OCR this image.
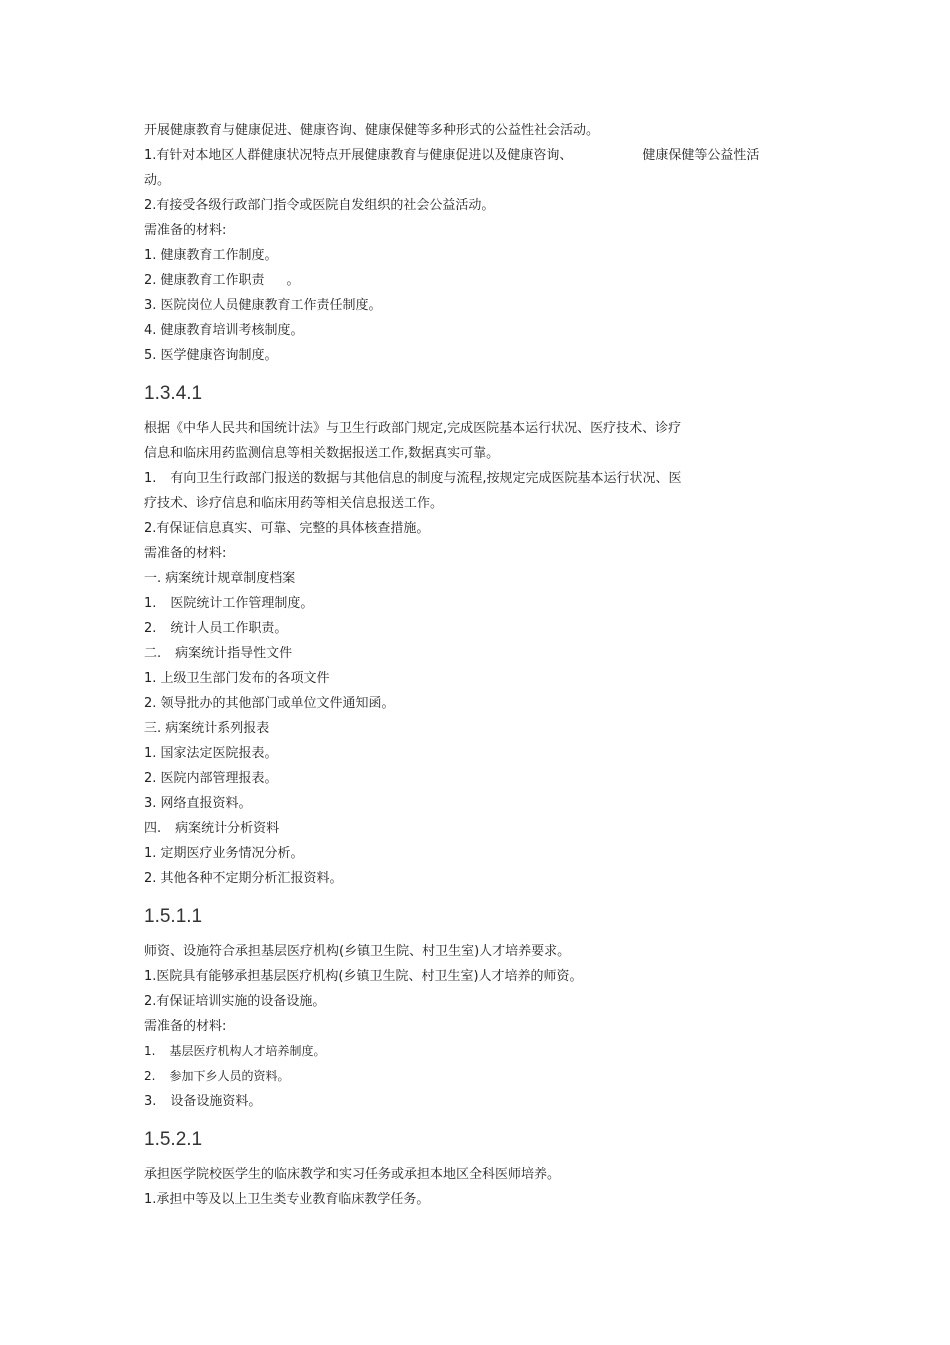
开展健康教育与健康促进、健康咨询、健康保健等多种形式的公益性社会活动。
1.有针对本地区人群健康状况特点开展健康教育与健康促进以及健康咨询、	健康保健等公益性活
动。
2.有接受各级行政部门指令或医院自发组织的社会公益活动。
需准备的材料:
1. 健康教育工作制度。
2. 健康教育工作职责 。
3. 医院岗位人员健康教育工作责任制度。
4. 健康教育培训考核制度。
5. 医学健康咨询制度。
1.3.4.1
根据《中华人民共和国统计法》与卫生行政部门规定,完成医院基本运行状况、医疗技术、诊疗
信息和临床用药监测信息等相关数据报送工作,数据真实可靠。
1. 有向卫生行政部门报送的数据与其他信息的制度与流程,按规定完成医院基本运行状况、医
疗技术、诊疗信息和临床用药等相关信息报送工作。
2.有保证信息真实、可靠、完整的具体核查措施。
需准备的材料:
一. 病案统计规章制度档案
1. 医院统计工作管理制度。
2. 统计人员工作职责。
二. 病案统计指导性文件
1. 上级卫生部门发布的各项文件
2. 领导批办的其他部门或单位文件通知函。
三. 病案统计系列报表
1. 国家法定医院报表。
2. 医院内部管理报表。
3. 网络直报资料。
四. 病案统计分析资料
1. 定期医疗业务情况分析。
2. 其他各种不定期分析汇报资料。
1.5.1.1
师资、设施符合承担基层医疗机构(乡镇卫生院、村卫生室)人才培养要求。
1.医院具有能够承担基层医疗机构(乡镇卫生院、村卫生室)人才培养的师资。
2.有保证培训实施的设备设施。
需准备的材料:
1. 基层医疗机构人才培养制度。
2. 参加下乡人员的资料。
3. 设备设施资料。
1.5.2.1
承担医学院校医学生的临床教学和实习任务或承担本地区全科医师培养。
1.承担中等及以上卫生类专业教育临床教学任务。
